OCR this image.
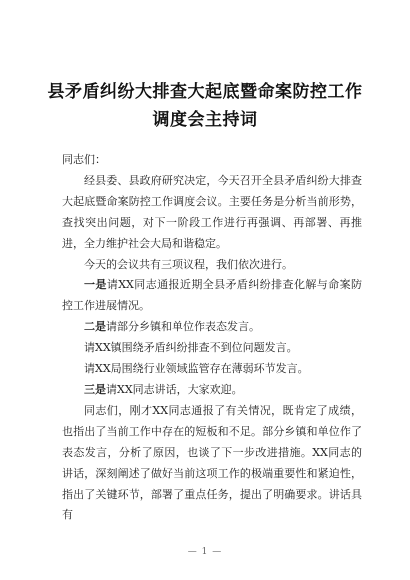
县矛盾纠纷大排查大起底暨命案防控工作
调度会主持词

同志们：

经县委、县政府研究决定，今天召开全县矛盾纠纷大排查大起底暨命案防控工作调度会议。主要任务是分析当前形势，查找突出问题，对下一阶段工作进行再强调、再部署、再推进，全力维护社会大局和谐稳定。

今天的会议共有三项议程，我们依次进行。

一是请XX同志通报近期全县矛盾纠纷排查化解与命案防控工作进展情况。

二是请部分乡镇和单位作表态发言。

请XX镇围绕矛盾纠纷排查不到位问题发言。

请XX局围绕行业领域监管存在薄弱环节发言。

三是请XX同志讲话，大家欢迎。

同志们，刚才XX同志通报了有关情况，既肯定了成绩，也指出了当前工作中存在的短板和不足。部分乡镇和单位作了表态发言，分析了原因，也谈了下一步改进措施。XX同志的讲话，深刻阐述了做好当前这项工作的极端重要性和紧迫性，指出了关键环节，部署了重点任务，提出了明确要求。讲话具有

— 1 —
